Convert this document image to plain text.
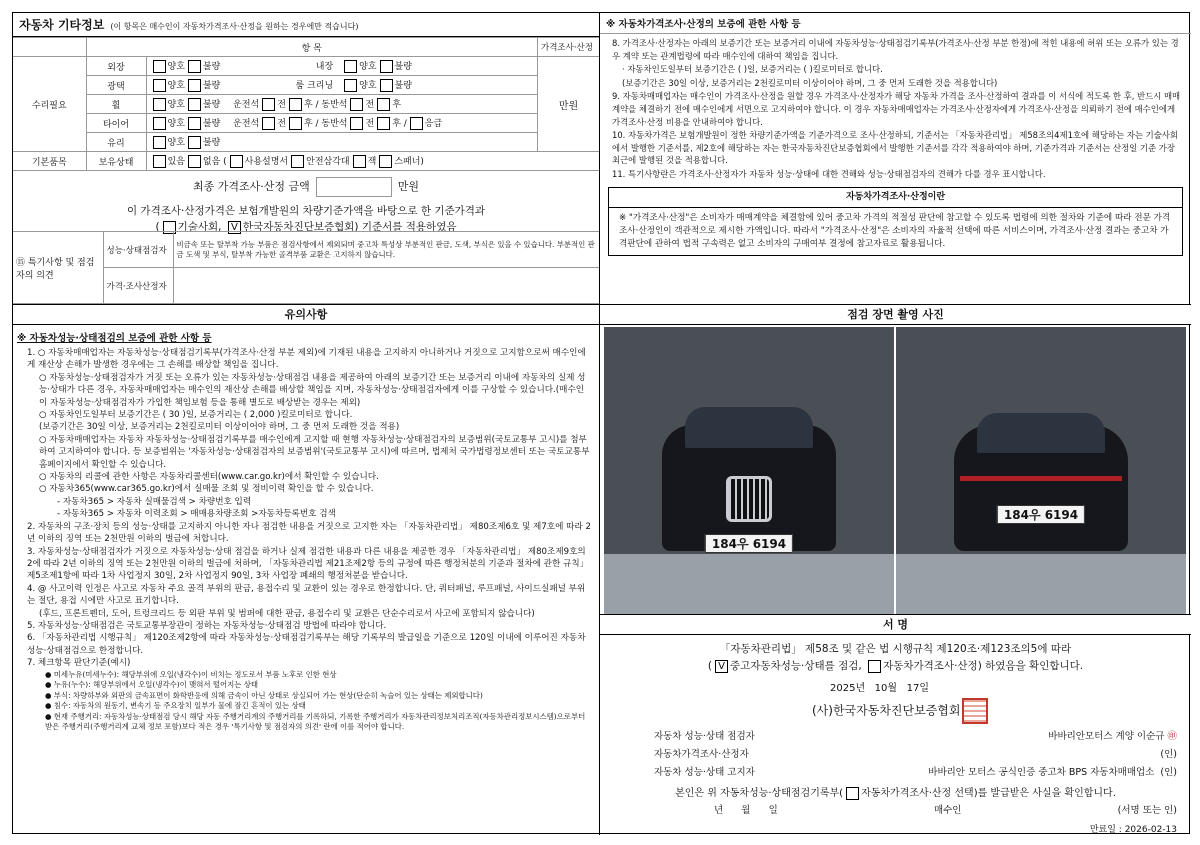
자동차 기타정보 (이 항목은 매수인이 자동차가격조사·산정을 원하는 경우에만 적습니다)
	항 목		가격조사·산정
수리필요	외장	양호 불량 내장 양호 불량	만원
	광택	양호 불량 룸 크리닝 양호 불량	
	휠	양호 불량 운전석 전 후 / 동반석 전 후	
	타이어	양호 불량 운전석 전 후 / 동반석 전 후 / 응급	
	유리	양호 불량	
기본품목	보유상태	있음 없음 ( 사용설명서 안전삼각대 잭 스패너)	
최종 가격조사·산정 금액	만원
이 가격조사·산정가격은 보험개발원의 차량기준가액을 바탕으로 한 기준가격과
( 기술사회, V 한국자동차진단보증협회) 기준서를 적용하였음
⑮ 특기사항 및 점검자의 의견	성능·상태점검자	비금속 또는 탈부착 가능 부품은 점검사항에서 제외되며 중고차 특성상 부분적인 판금, 도색, 부식은 있을 수 있습니다. 부분적인 판금 도색 및 부식, 탈부착 가능한 골격부품 교환은 고지하지 않습니다.
	가격·조사산정자	
※ 자동차가격조사·산정의 보증에 관한 사항 등

8. 가격조사·산정자는 아래의 보증기간 또는 보증거리 이내에 자동차성능·상태점검기록부(가격조사·산정 부분 한정)에 적힌 내용에 허위 또는 오류가 있는 경우 계약 또는 관계법령에 따라 매수인에 대하여 책임을 집니다.

· 자동차인도일부터 보증기간은 ( )일, 보증거리는 ( )킬로미터로 합니다.

(보증기간은 30일 이상, 보증거리는 2천킬로미터 이상이어야 하며, 그 중 먼저 도래한 것을 적용합니다)

9. 자동차매매업자는 매수인이 가격조사·산정을 원할 경우 가격조사·산정자가 해당 자동차 가격을 조사·산정하여 결과를 이 서식에 적도록 한 후, 반드시 매매계약을 체결하기 전에 매수인에게 서면으로 고지하여야 합니다. 이 경우 자동차매매업자는 가격조사·산정자에게 가격조사·산정을 의뢰하기 전에 매수인에게 가격조사·산정 비용을 안내하여야 합니다.

10. 자동차가격은 보험개발원이 정한 차량기준가액을 기준가격으로 조사·산정하되, 기준서는 「자동차관리법」 제58조의4제1호에 해당하는 자는 기술사회에서 발행한 기준서를, 제2호에 해당하는 자는 한국자동차진단보증협회에서 발행한 기준서를 각각 적용하여야 하며, 기준가격과 기준서는 산정일 기준 가장 최근에 발행된 것을 적용합니다.

11. 특기사항란은 가격조사·산정자가 자동차 성능·상태에 대한 견해와 성능·상태점검자의 견해가 다를 경우 표시합니다.

자동차가격조사·산정이란
※ "가격조사·산정"은 소비자가 매매계약을 체결함에 있어 중고차 가격의 적절성 판단에 참고할 수 있도록 법령에 의한 절차와 기준에 따라 전문 가격조사·산정인이 객관적으로 제시한 가액입니다. 따라서 "가격조사·산정"은 소비자의 자율적 선택에 따른 서비스이며, 가격조사·산정 결과는 중고차 가격판단에 관하여 법적 구속력은 없고 소비자의 구매여부 결정에 참고자료로 활용됩니다.
유의사항
※ 자동차성능·상태점검의 보증에 관한 사항 등

1. ○ 자동차매매업자는 자동차성능·상태점검기록부(가격조사·산정 부분 제외)에 기재된 내용을 고지하지 아니하거나 거짓으로 고지함으로써 매수인에게 재산상 손해가 발생한 경우에는 그 손해를 배상할 책임을 집니다.

○ 자동차성능·상태점검자가 거짓 또는 오류가 있는 자동차성능·상태점검 내용을 제공하여 아래의 보증기간 또는 보증거리 이내에 자동차의 실제 성능·상태가 다른 경우, 자동차매매업자는 매수인의 재산상 손해를 배상할 책임을 지며, 자동차성능·상태점검자에게 이를 구상할 수 있습니다.(매수인이 자동차성능·상태점검자가 가입한 책임보험 등을 통해 별도로 배상받는 경우는 제외)

○ 자동차인도일부터 보증기간은 ( 30 )일, 보증거리는 ( 2,000 )킬로미터로 합니다.

(보증기간은 30일 이상, 보증거리는 2천킬로미터 이상이어야 하며, 그 중 먼저 도래한 것을 적용)

○ 자동차매매업자는 자동차 자동차성능·상태점검기록부를 매수인에게 고지할 때 현행 자동차성능·상태점검자의 보증범위(국토교통부 고시)를 첨부하여 고지하여야 합니다. 등 보증범위는 '자동차성능·상태점검자의 보증범위'(국토교통부 고시)에 따르며, 법제처 국가법령정보센터 또는 국토교통부 홈페이지에서 확인할 수 있습니다.

○ 자동차의 리콜에 관한 사항은 자동차리콜센터(www.car.go.kr)에서 확인할 수 있습니다.

○ 자동차365(www.car365.go.kr)에서 실매물 조회 및 정비이력 확인을 할 수 있습니다.

- 자동차365 > 자동차 실매물검색 > 차량번호 입력

- 자동차365 > 자동차 이력조회 > 매매용차량조회 >자동차등록번호 검색

2. 자동차의 구조·장치 등의 성능·상태를 고지하지 아니한 자나 점검한 내용을 거짓으로 고지한 자는 「자동차관리법」 제80조제6호 및 제7호에 따라 2년 이하의 징역 또는 2천만원 이하의 벌금에 처합니다.

3. 자동차성능·상태점검자가 거짓으로 자동차성능·상태 점검을 하거나 실제 점검한 내용과 다른 내용을 제공한 경우 「자동차관리법」 제80조제9호의2에 따라 2년 이하의 징역 또는 2천만원 이하의 벌금에 처하며, 「자동차관리법 제21조제2항 등의 규정에 따른 행정처분의 기준과 절차에 관한 규칙」 제5조제1항에 따라 1차 사업정지 30일, 2차 사업정지 90일, 3차 사업장 폐쇄의 행정처분을 받습니다.

4. @ 사고이력 인정은 사고로 자동차 주요 골격 부위의 판금, 용접수리 및 교환이 있는 경우로 한정합니다. 단, 쿼터패널, 루프패널, 사이드실패널 부위는 절단, 용접 시에만 사고로 표기합니다.

(후드, 프론트펜더, 도어, 트렁크리드 등 외판 부위 및 범퍼에 대한 판금, 용접수리 및 교환은 단순수리로서 사고에 포함되지 않습니다)

5. 자동차성능·상태점검은 국토교통부장관이 정하는 자동차성능·상태점검 방법에 따라야 합니다.

6. 「자동차관리법 시행규칙」 제120조제2항에 따라 자동차성능·상태점검기록부는 해당 기록부의 발급일을 기준으로 120일 이내에 이루어진 자동차 성능·상태점검으로 한정합니다.

7. 체크항목 판단기준(예시)

● 미세누유(미세누수): 해당부위에 오일(냉각수)이 비치는 정도로서 부품 노후로 인한 현상
● 누유(누수): 해당부위에서 오일(냉각수)이 맺혀서 떨어지는 상태
● 부식: 차량하부와 외판의 금속표면이 화학반응에 의해 금속이 아닌 상태로 상실되어 가는 현상(단순히 녹슬어 있는 상태는 제외합니다)
● 침수: 자동차의 원동기, 변속기 등 주요장치 일부가 물에 잠긴 흔적이 있는 상태
● 현재 주행거리: 자동차성능·상태점검 당시 해당 자동 주행거리계의 주행거리를 기록하되, 기록한 주행거리가 자동차관리정보처리조직(자동차관리정보시스템)으로부터 받은 주행거리(주행거리계 교체 정보 포함)보다 적은 경우 '특기사항 및 점검자의 의견' 란에 이를 적어야 합니다.
점검 장면 촬영 사진
184우 6194
184우 6194
서 명
「자동차관리법」 제58조 및 같은 법 시행규칙 제120조·제123조의5에 따라
( V 중고자동차성능·상태를 점검, 자동차가격조사·산정) 하였음을 확인합니다.
2025년 10월 17일
(사)한국자동차진단보증협회
자동차 성능·상태 점검자	바바리안모터스 계양 이순규 ㊞
자동차가격조사·산정자	(인)
자동차 성능·상태 고지자	바바리안 모터스 공식인증 중고차 BPS 자동차매매업소 (인)
본인은 위 자동차성능·상태점검기록부( 자동차가격조사·산정 선택)를 발급받은 사실을 확인합니다.
년      월      일	매수인	(서명 또는 인)
만료일 : 2026-02-13
